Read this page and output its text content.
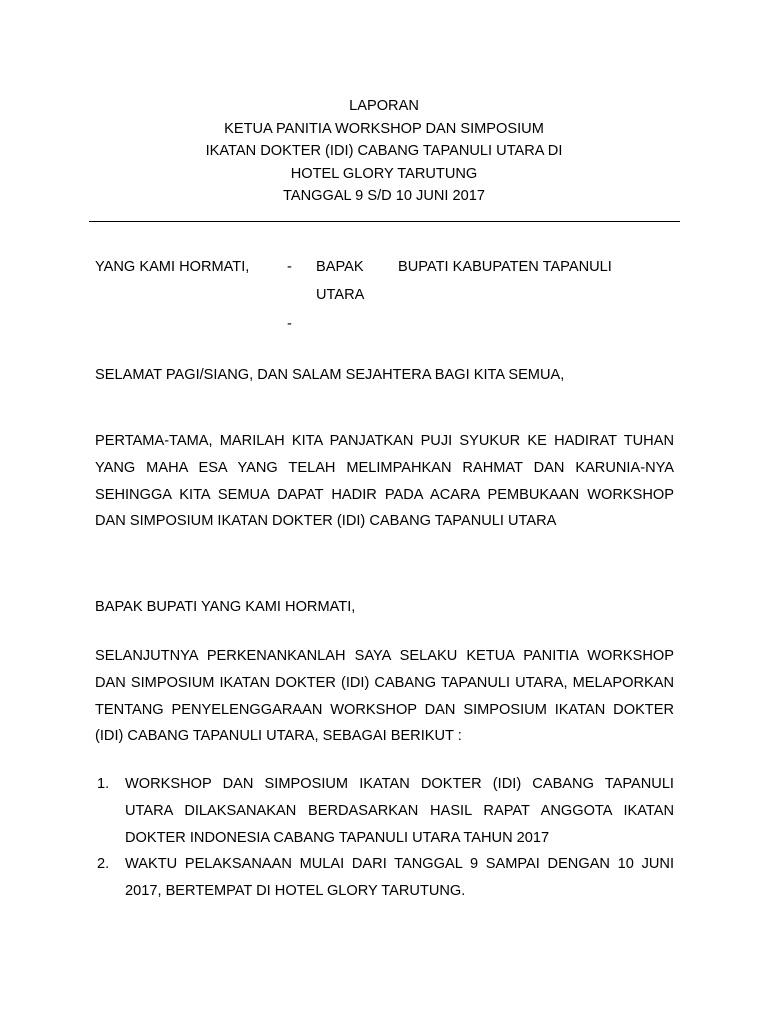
LAPORAN
KETUA PANITIA WORKSHOP DAN SIMPOSIUM
IKATAN DOKTER (IDI) CABANG TAPANULI UTARA DI
HOTEL GLORY TARUTUNG
TANGGAL 9 S/D 10 JUNI 2017
YANG KAMI HORMATI,	- BAPAK BUPATI KABUPATEN TAPANULI
UTARA
-
SELAMAT PAGI/SIANG, DAN SALAM SEJAHTERA BAGI KITA SEMUA,
PERTAMA-TAMA, MARILAH KITA PANJATKAN PUJI SYUKUR KE HADIRAT TUHAN YANG MAHA ESA YANG TELAH MELIMPAHKAN RAHMAT DAN KARUNIA-NYA SEHINGGA KITA SEMUA DAPAT HADIR PADA ACARA PEMBUKAAN WORKSHOP DAN SIMPOSIUM IKATAN DOKTER (IDI) CABANG TAPANULI UTARA
BAPAK BUPATI YANG KAMI HORMATI,
SELANJUTNYA PERKENANKANLAH SAYA SELAKU KETUA PANITIA WORKSHOP DAN SIMPOSIUM IKATAN DOKTER (IDI) CABANG TAPANULI UTARA, MELAPORKAN TENTANG PENYELENGGARAAN WORKSHOP DAN SIMPOSIUM IKATAN DOKTER (IDI) CABANG TAPANULI UTARA, SEBAGAI BERIKUT :
1. WORKSHOP DAN SIMPOSIUM IKATAN DOKTER (IDI) CABANG TAPANULI UTARA DILAKSANAKAN BERDASARKAN HASIL RAPAT ANGGOTA IKATAN DOKTER INDONESIA CABANG TAPANULI UTARA TAHUN 2017
2. WAKTU PELAKSANAAN MULAI DARI TANGGAL 9 SAMPAI DENGAN 10 JUNI 2017, BERTEMPAT DI HOTEL GLORY TARUTUNG.
